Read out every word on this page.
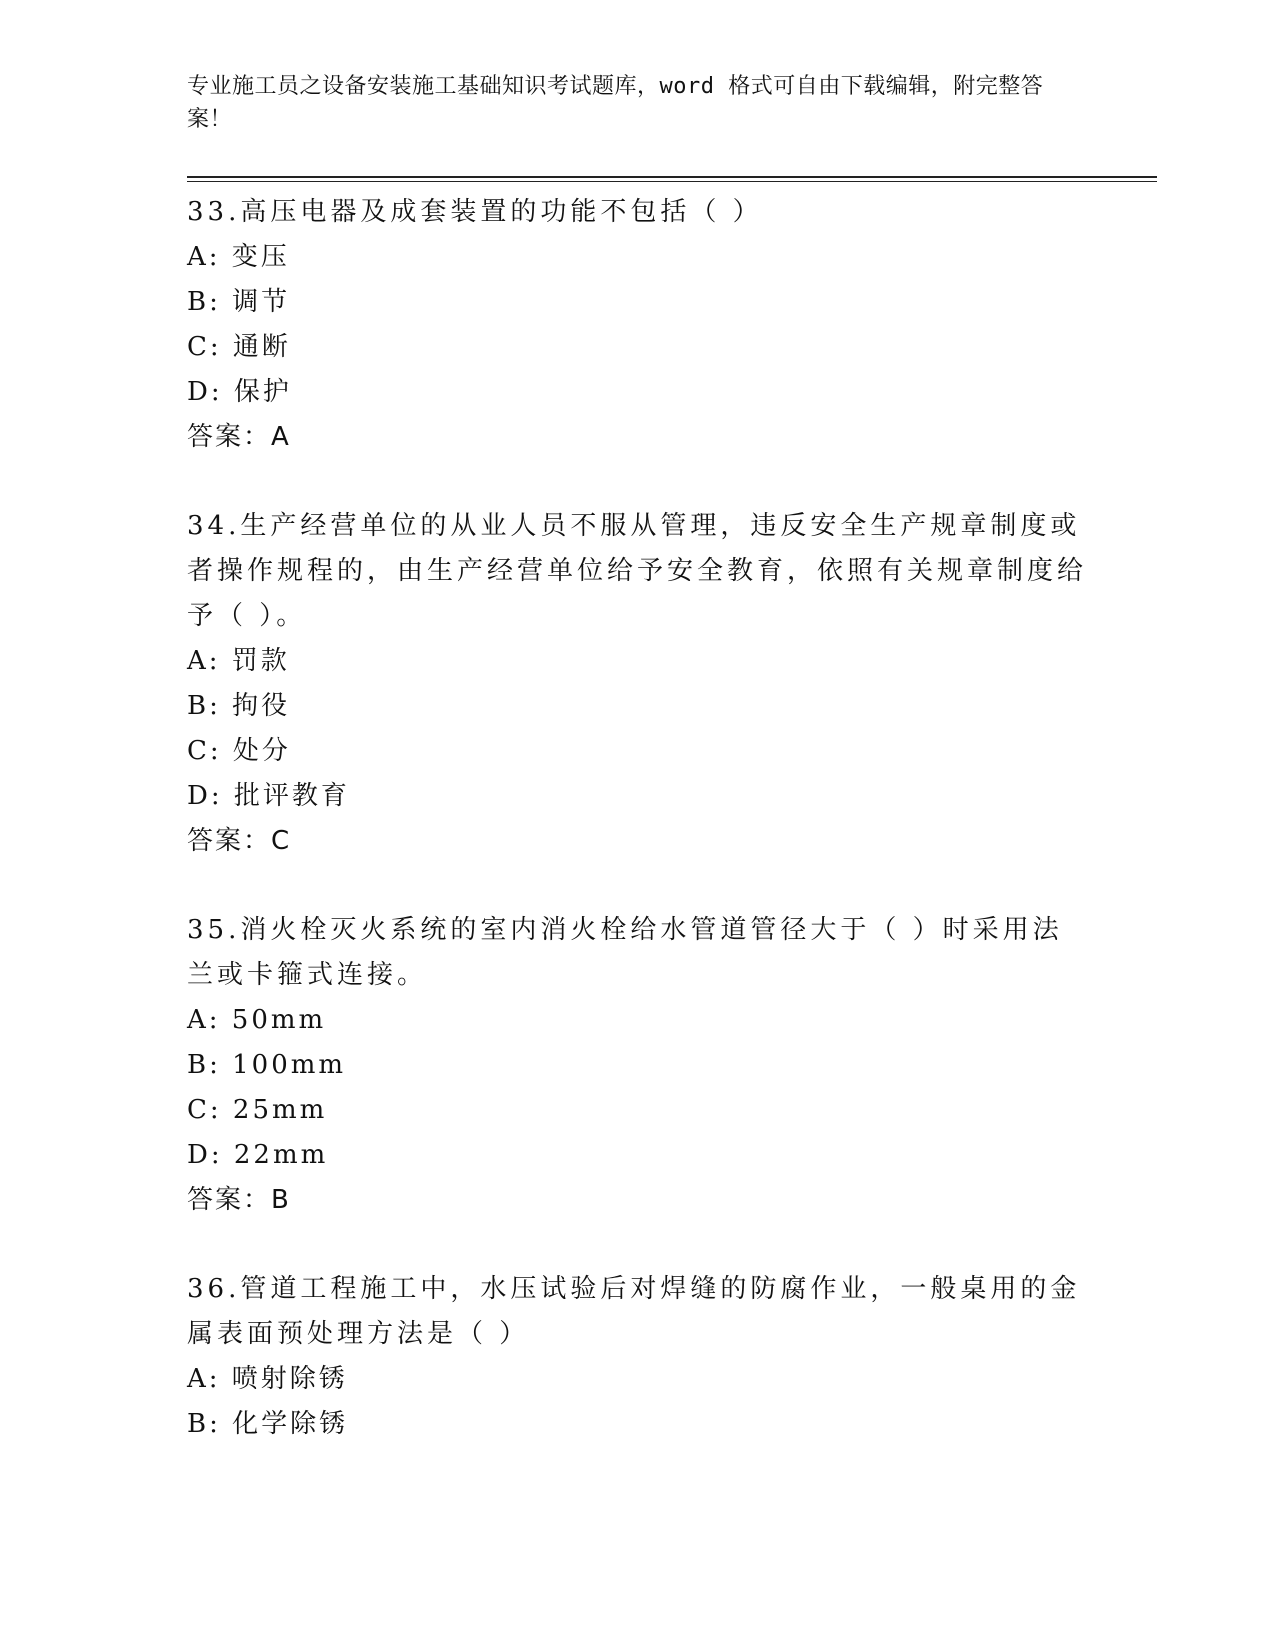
专业施工员之设备安装施工基础知识考试题库，word 格式可自由下载编辑，附完整答案！

33.高压电器及成套装置的功能不包括（ ）

A: 变压

B: 调节

C: 通断

D: 保护

答案：A

34.生产经营单位的从业人员不服从管理，违反安全生产规章制度或者操作规程的，由生产经营单位给予安全教育，依照有关规章制度给予（ ）。

A: 罚款

B: 拘役

C: 处分

D: 批评教育

答案：C

35.消火栓灭火系统的室内消火栓给水管道管径大于（ ）时采用法兰或卡箍式连接。

A: 50mm

B: 100mm

C: 25mm

D: 22mm

答案：B

36.管道工程施工中，水压试验后对焊缝的防腐作业，一般桌用的金属表面预处理方法是（ ）

A: 喷射除锈

B: 化学除锈
